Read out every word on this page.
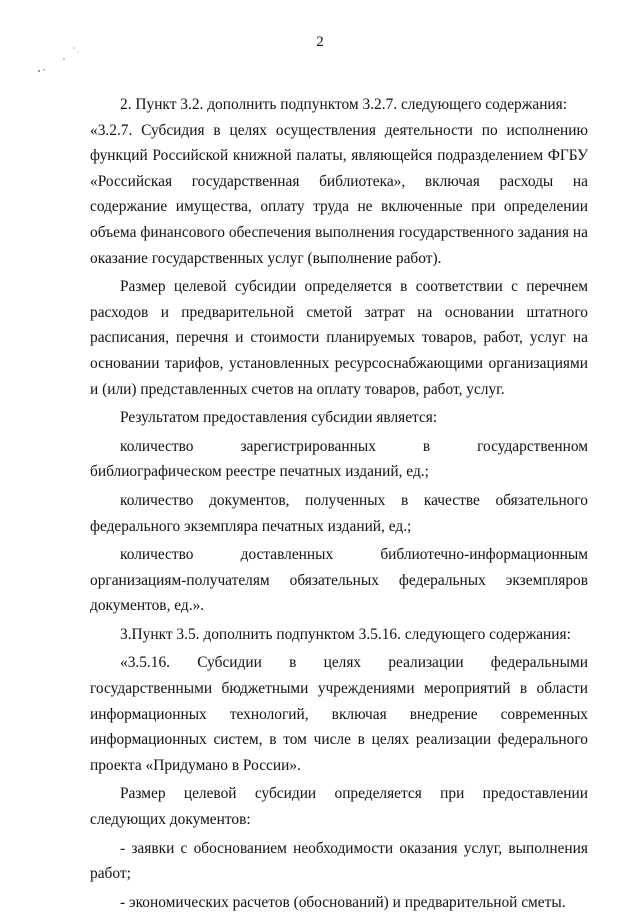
2

2. Пункт 3.2. дополнить подпунктом 3.2.7. следующего содержания:

«3.2.7. Субсидия в целях осуществления деятельности по исполнению функций Российской книжной палаты, являющейся подразделением ФГБУ «Российская государственная библиотека», включая расходы на содержание имущества, оплату труда не включенные при определении объема финансового обеспечения выполнения государственного задания на оказание государственных услуг (выполнение работ).

Размер целевой субсидии определяется в соответствии с перечнем расходов и предварительной сметой затрат на основании штатного расписания, перечня и стоимости планируемых товаров, работ, услуг на основании тарифов, установленных ресурсоснабжающими организациями и (или) представленных счетов на оплату товаров, работ, услуг.

Результатом предоставления субсидии является:

количество зарегистрированных в государственном библиографическом реестре печатных изданий, ед.;

количество документов, полученных в качестве обязательного федерального экземпляра печатных изданий, ед.;

количество доставленных библиотечно-информационным организациям-получателям обязательных федеральных экземпляров документов, ед.».

3.Пункт 3.5. дополнить подпунктом 3.5.16. следующего содержания:

«3.5.16. Субсидии в целях реализации федеральными государственными бюджетными учреждениями мероприятий в области информационных технологий, включая внедрение современных информационных систем, в том числе в целях реализации федерального проекта «Придумано в России».

Размер целевой субсидии определяется при предоставлении следующих документов:

- заявки с обоснованием необходимости оказания услуг, выполнения работ;

- экономических расчетов (обоснований) и предварительной сметы.
